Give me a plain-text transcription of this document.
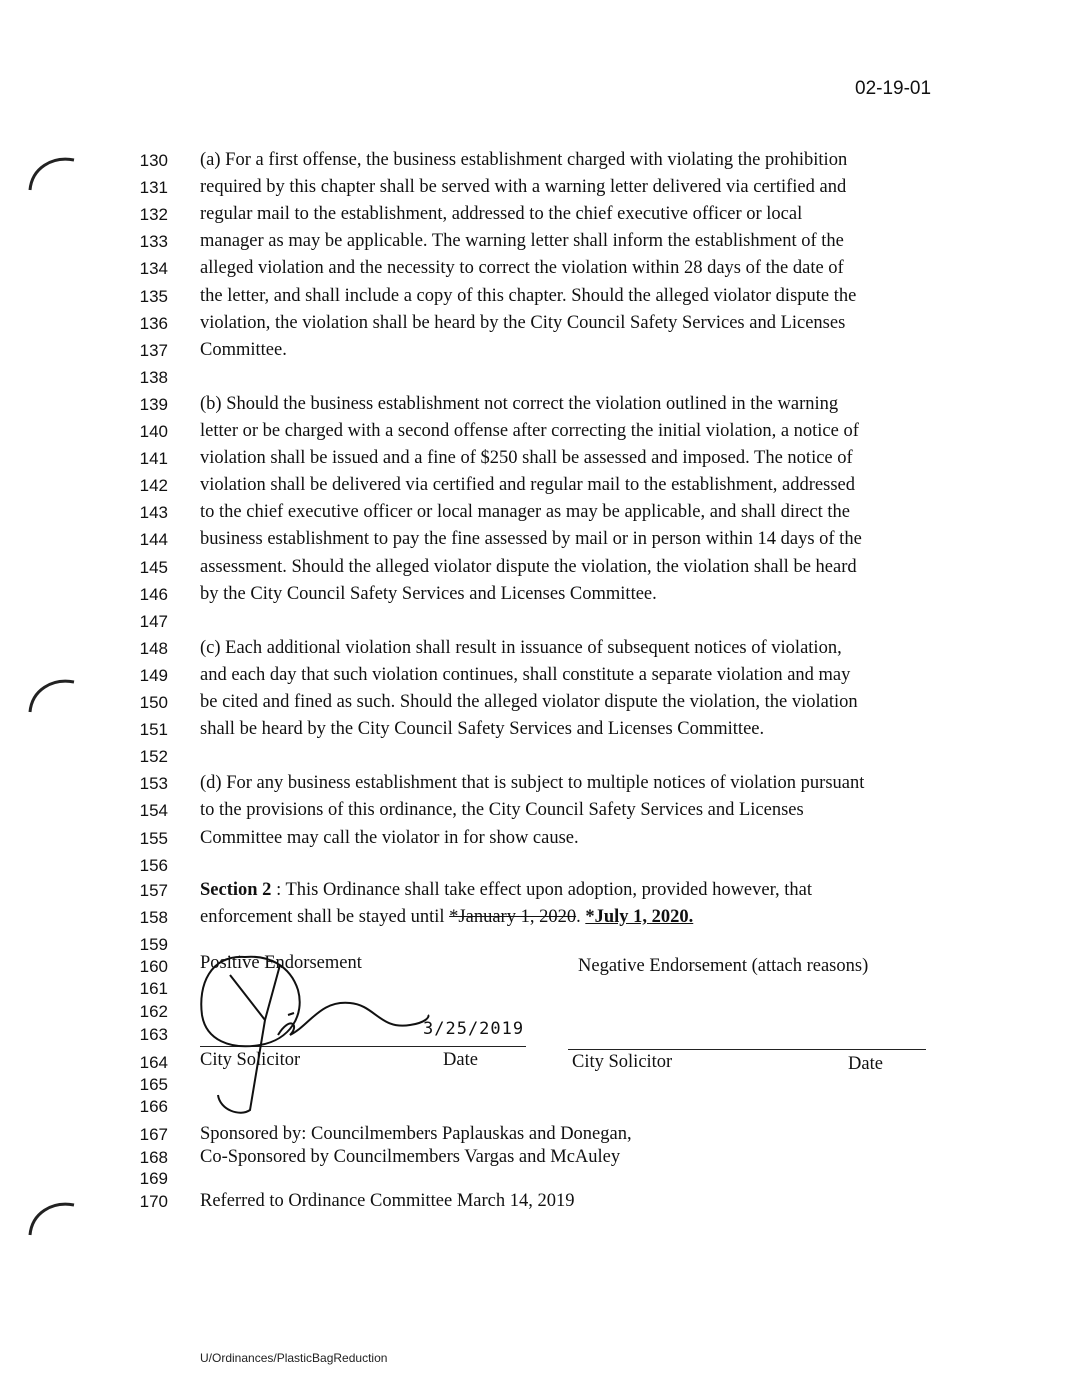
02-19-01
130 (a) For a first offense, the business establishment charged with violating the prohibition
131 required by this chapter shall be served with a warning letter delivered via certified and
132 regular mail to the establishment, addressed to the chief executive officer or local
133 manager as may be applicable. The warning letter shall inform the establishment of the
134 alleged violation and the necessity to correct the violation within 28 days of the date of
135 the letter, and shall include a copy of this chapter. Should the alleged violator dispute the
136 violation, the violation shall be heard by the City Council Safety Services and Licenses
137 Committee.
138
139 (b) Should the business establishment not correct the violation outlined in the warning
140 letter or be charged with a second offense after correcting the initial violation, a notice of
141 violation shall be issued and a fine of $250 shall be assessed and imposed. The notice of
142 violation shall be delivered via certified and regular mail to the establishment, addressed
143 to the chief executive officer or local manager as may be applicable, and shall direct the
144 business establishment to pay the fine assessed by mail or in person within 14 days of the
145 assessment. Should the alleged violator dispute the violation, the violation shall be heard
146 by the City Council Safety Services and Licenses Committee.
147
148 (c) Each additional violation shall result in issuance of subsequent notices of violation,
149 and each day that such violation continues, shall constitute a separate violation and may
150 be cited and fined as such. Should the alleged violator dispute the violation, the violation
151 shall be heard by the City Council Safety Services and Licenses Committee.
152
153 (d) For any business establishment that is subject to multiple notices of violation pursuant
154 to the provisions of this ordinance, the City Council Safety Services and Licenses
155 Committee may call the violator in for show cause.
156
157 Section 2 : This Ordinance shall take effect upon adoption, provided however, that
158 enforcement shall be stayed until *January 1, 2020. *July 1, 2020.
159
160
161
162
163
164
165
166
Positive Endorsement	Negative Endorsement (attach reasons)
3/25/2019
City Solicitor	Date	City Solicitor	Date
167 Sponsored by: Councilmembers Paplauskas and Donegan,
168 Co-Sponsored by Councilmembers Vargas and McAuley
169
170 Referred to Ordinance Committee March 14, 2019
U/Ordinances/PlasticBagReduction
